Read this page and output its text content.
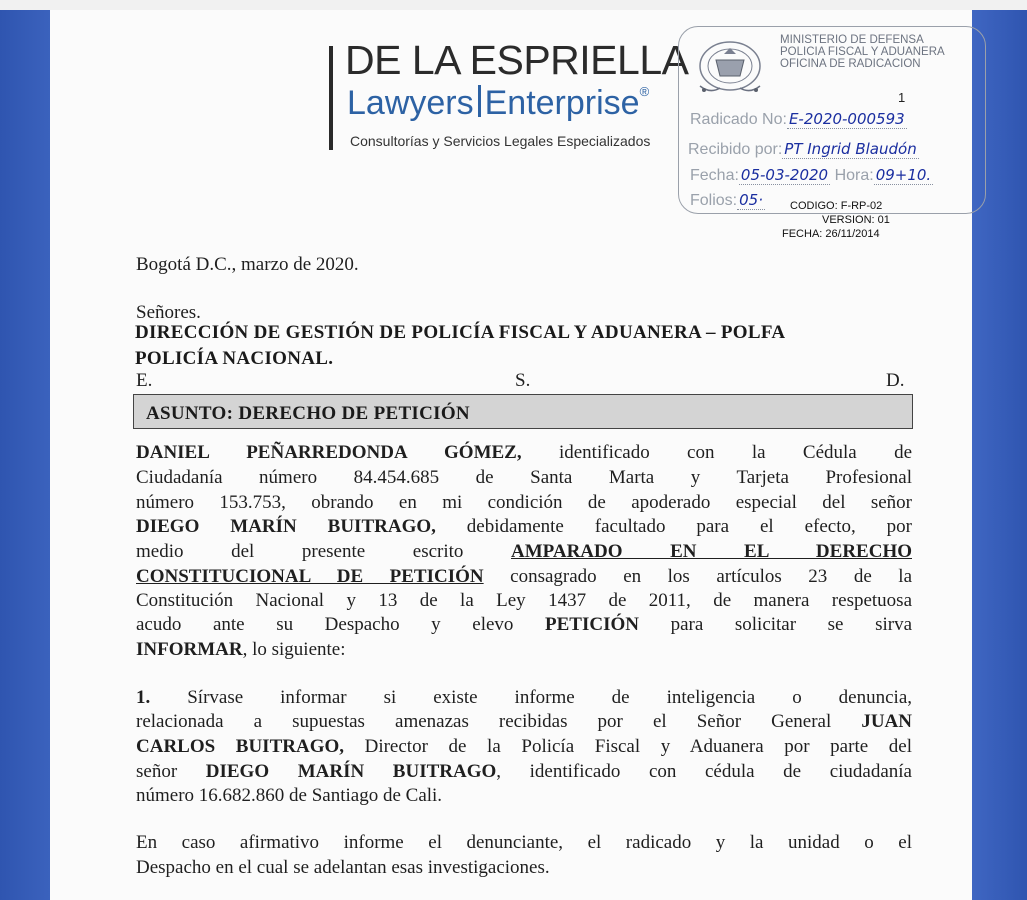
DE LA ESPRIELLA
Lawyers Enterprise®
Consultorías y Servicios Legales Especializados
MINISTERIO DE DEFENSA
POLICIA FISCAL Y ADUANERA
OFICINA DE RADICACION
1
Radicado No: E-2020-000593
Recibido por: PT Ingrid Blaudón
Fecha: 05-03-2020 Hora: 09+10.
Folios: 05· CODIGO: F-RP-02
VERSION: 01
FECHA: 26/11/2014
Bogotá D.C., marzo de 2020.
Señores.
DIRECCIÓN DE GESTIÓN DE POLICÍA FISCAL Y ADUANERA – POLFA
POLICÍA NACIONAL.
E.	S.	D.
ASUNTO: DERECHO DE PETICIÓN
DANIEL PEÑARREDONDA GÓMEZ, identificado con la Cédula de
Ciudadanía número 84.454.685 de Santa Marta y Tarjeta Profesional
número 153.753, obrando en mi condición de apoderado especial del señor
DIEGO MARÍN BUITRAGO, debidamente facultado para el efecto, por
medio	del	presente	escrito	AMPARADO EN EL DERECHO
CONSTITUCIONAL DE PETICIÓN consagrado en los artículos 23 de la
Constitución Nacional y 13 de la Ley 1437 de 2011, de manera respetuosa
acudo ante su Despacho y elevo PETICIÓN para solicitar se sirva
INFORMAR, lo siguiente:
1. Sírvase informar si existe informe de inteligencia o denuncia,
relacionada a supuestas amenazas recibidas por el Señor General JUAN
CARLOS BUITRAGO, Director de la Policía Fiscal y Aduanera por parte del
señor DIEGO MARÍN BUITRAGO, identificado con cédula de ciudadanía
número 16.682.860 de Santiago de Cali.
En caso afirmativo informe el denunciante, el radicado y la unidad o el
Despacho en el cual se adelantan esas investigaciones.
